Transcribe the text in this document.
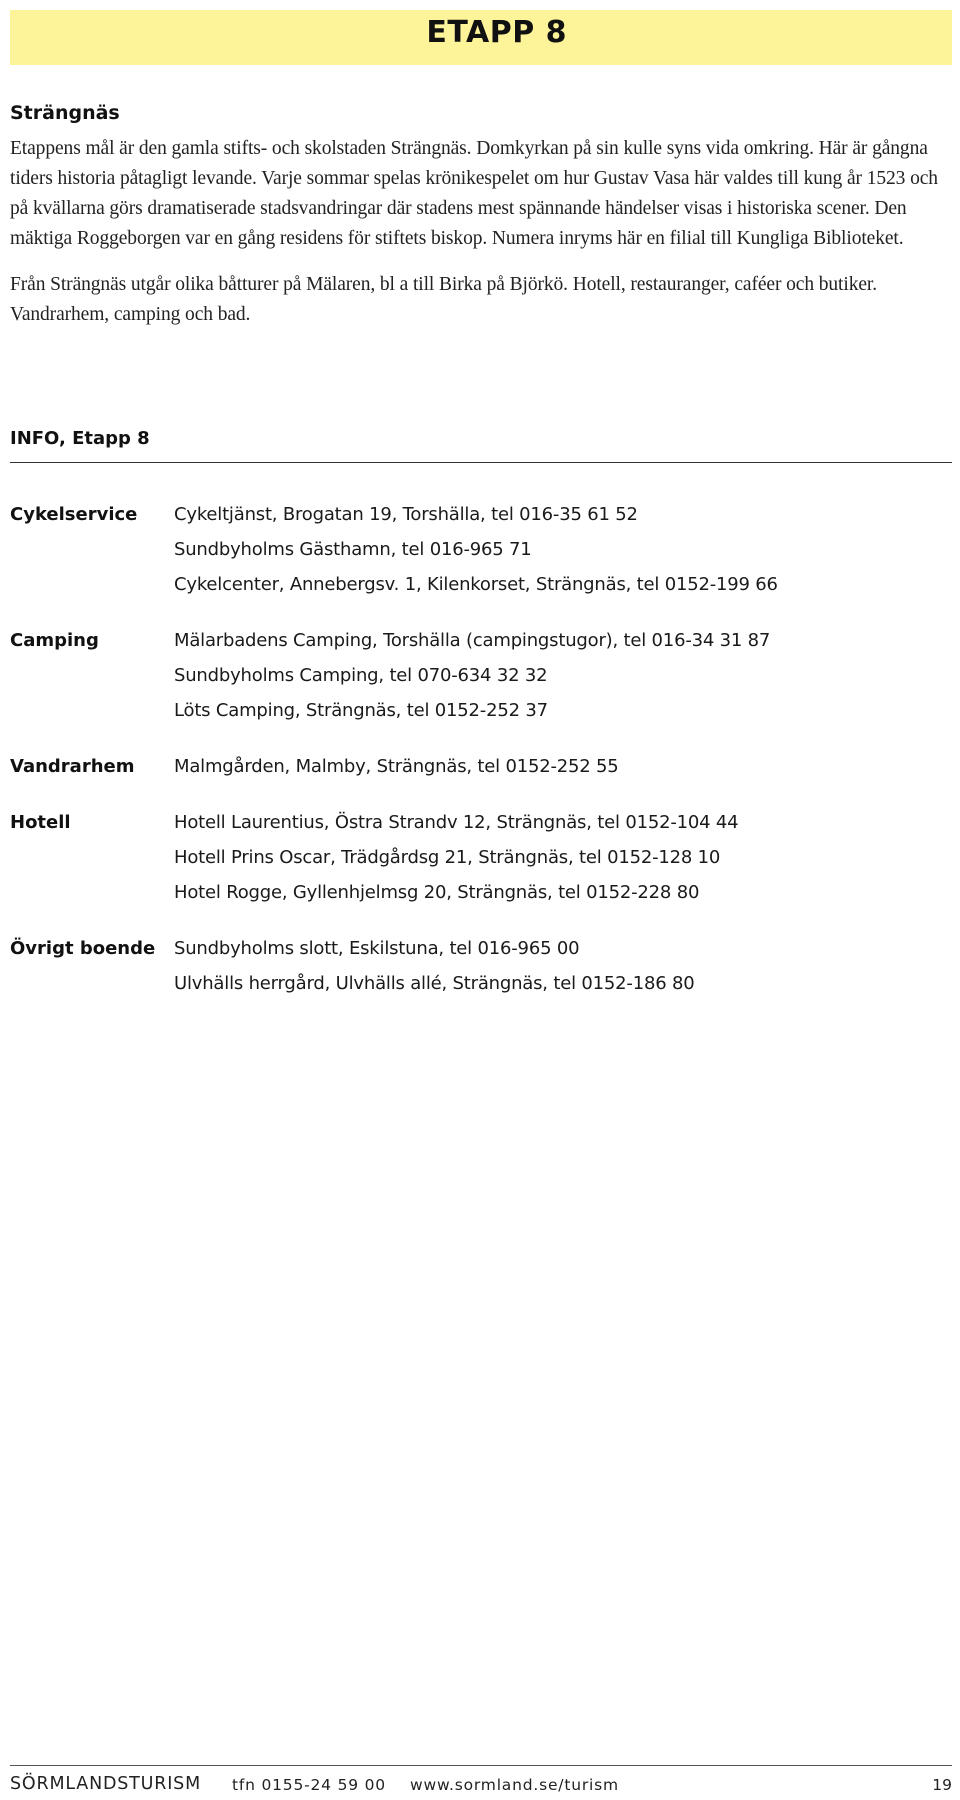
ETAPP 8
Strängnäs

Etappens mål är den gamla stifts- och skolstaden Strängnäs. Domkyrkan på sin kulle syns vida omkring. Här är gångna tiders historia påtagligt levande. Varje sommar spelas krönikespelet om hur Gustav Vasa här valdes till kung år 1523 och på kvällarna görs dramatiserade stadsvandringar där stadens mest spännande händelser visas i historiska scener. Den mäktiga Roggeborgen var en gång residens för stiftets biskop. Numera inryms här en filial till Kungliga Biblioteket.

Från Strängnäs utgår olika båtturer på Mälaren, bl a till Birka på Björkö. Hotell, restauranger, caféer och butiker. Vandrarhem, camping och bad.

INFO, Etapp 8
Cykelservice	Cykeltjänst, Brogatan 19, Torshälla, tel 016-35 61 52
Sundbyholms Gästhamn, tel 016-965 71
Cykelcenter, Annebergsv. 1, Kilenkorset, Strängnäs, tel 0152-199 66
Camping	Mälarbadens Camping, Torshälla (campingstugor), tel 016-34 31 87
Sundbyholms Camping, tel 070-634 32 32
Löts Camping, Strängnäs, tel 0152-252 37
Vandrarhem	Malmgården, Malmby, Strängnäs, tel 0152-252 55
Hotell	Hotell Laurentius, Östra Strandv 12, Strängnäs, tel 0152-104 44
Hotell Prins Oscar, Trädgårdsg 21, Strängnäs, tel 0152-128 10
Hotel Rogge, Gyllenhjelmsg 20, Strängnäs, tel 0152-228 80
Övrigt boende	Sundbyholms slott, Eskilstuna, tel 016-965 00
Ulvhälls herrgård, Ulvhälls allé, Strängnäs, tel 0152-186 80
SÖRMLANDSTURISM tfn 0155-24 59 00 www.sormland.se/turism	19
